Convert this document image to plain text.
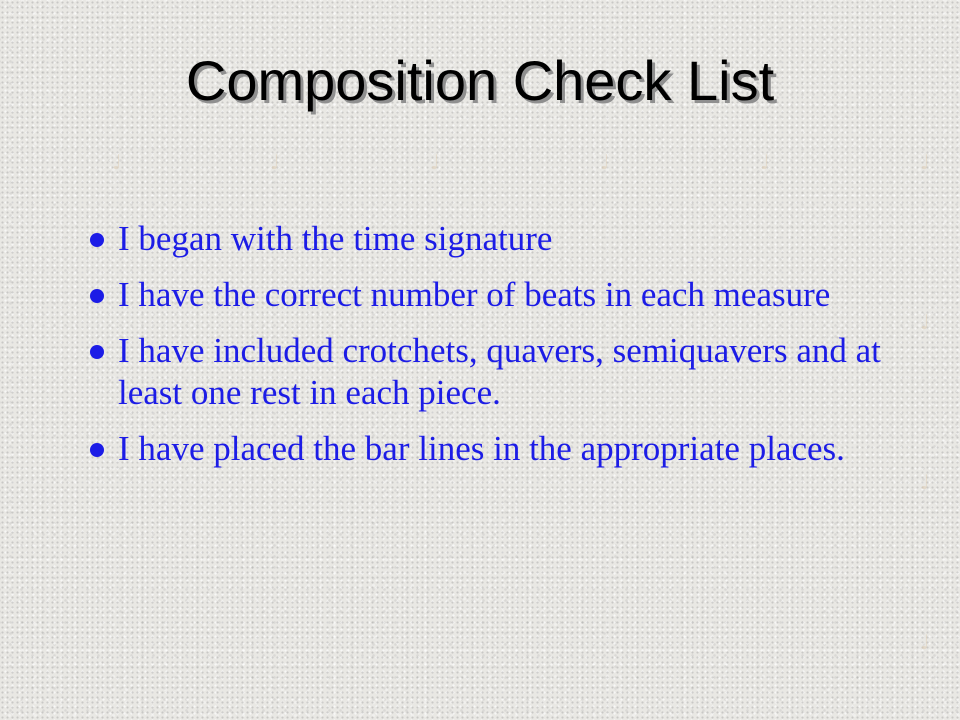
♩	♩	♩	♩	♩	♩
♩
♩
♩
Composition Check List
I began with the time signature
I have the correct number of beats in each measure
I have included crotchets, quavers, semiquavers and at least one rest in each piece.
I have placed the bar lines in the appropriate places.
